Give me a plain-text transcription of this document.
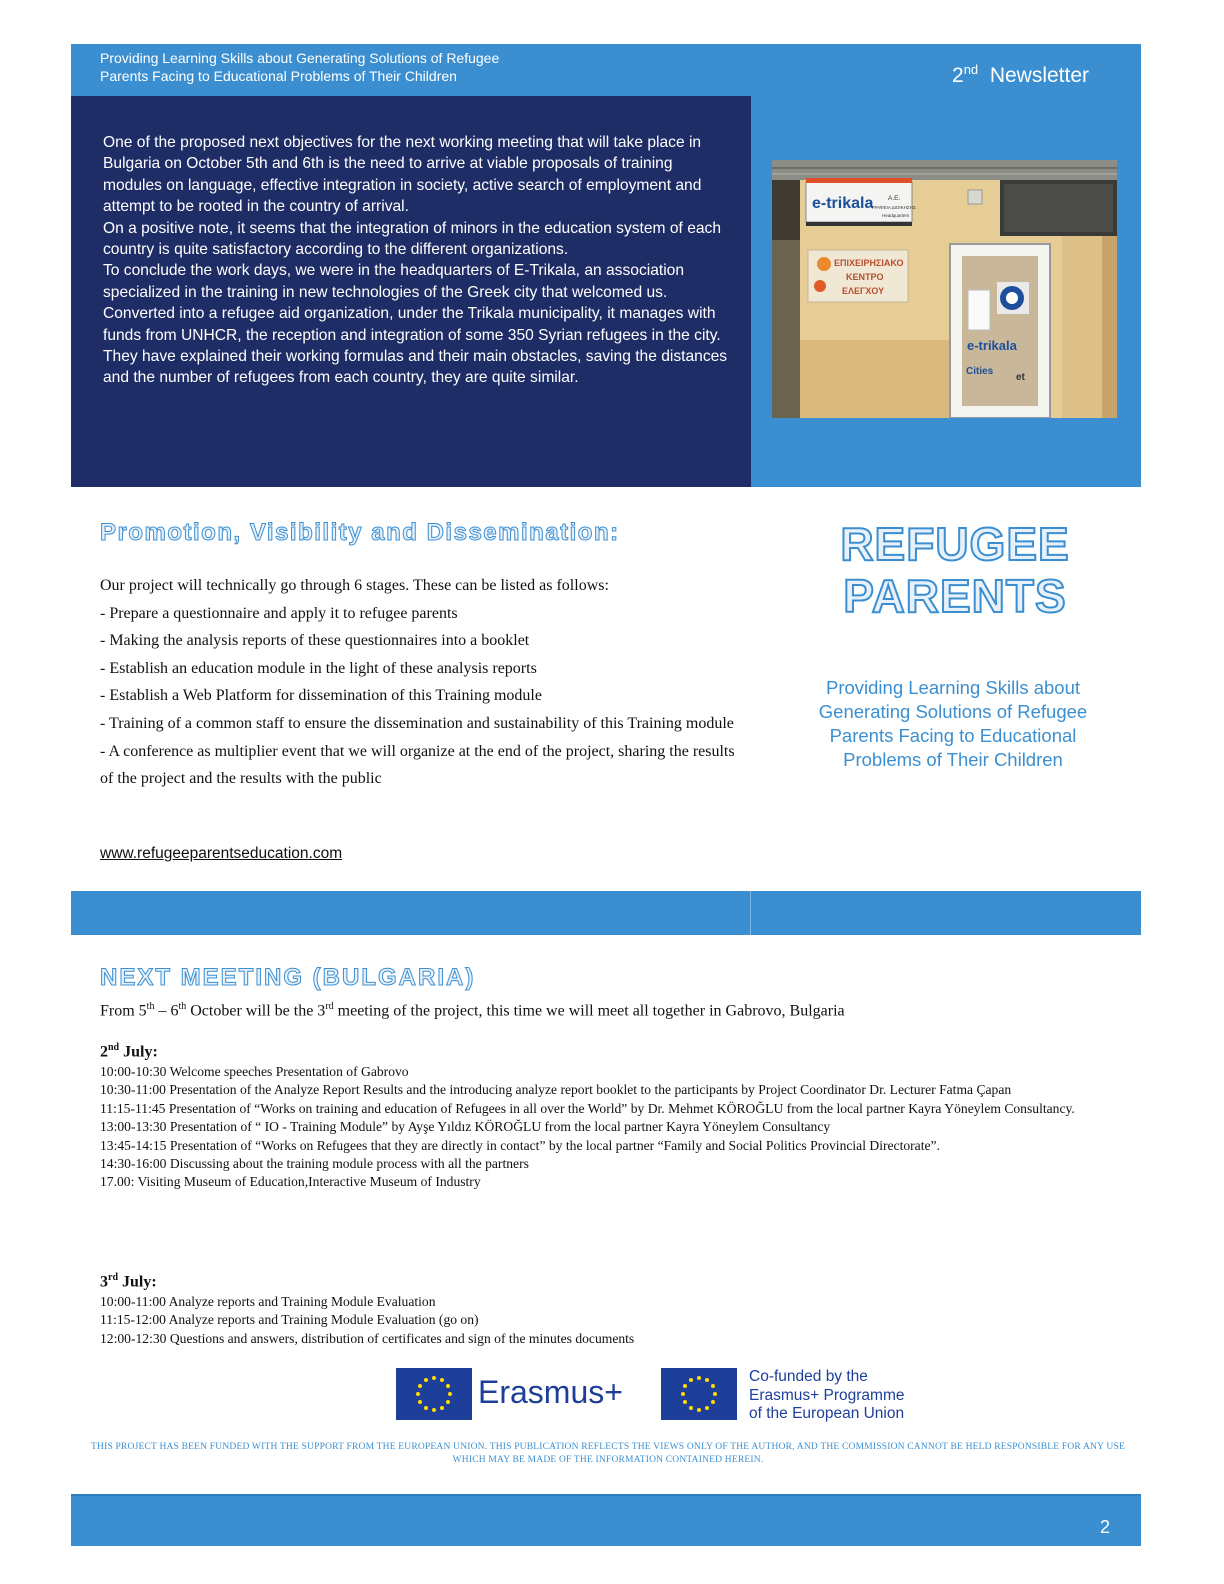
Providing Learning Skills about Generating Solutions of Refugee
Parents Facing to Educational Problems of Their Children	2nd Newsletter

One of the proposed next objectives for the next working meeting that will take place in Bulgaria on October 5th and 6th is the need to arrive at viable proposals of training modules on language, effective integration in society, active search of employment and attempt to be rooted in the country of arrival.

On a positive note, it seems that the integration of minors in the education system of each country is quite satisfactory according to the different organizations.

To conclude the work days, we were in the headquarters of E-Trikala, an association specialized in the training in new technologies of the Greek city that welcomed us. Converted into a refugee aid organization, under the Trikala municipality, it manages with funds from UNHCR, the reception and integration of some 350 Syrian refugees in the city. They have explained their working formulas and their main obstacles, saving the distances and the number of refugees from each country, they are quite similar.

e-trikala A.E.
ΓΡΑΦΕΙΑ ΔΙΟΙΚΗΣΗΣ
Headquarters
ΕΠΙΧΕΙΡΗΣΙΑΚΟ
ΚΕΝΤΡΟ
ΕΛΕΓΧΟΥ
e-trikala
Cities
et
Promotion, Visibility and Dissemination:

Our project will technically go through 6 stages. These can be listed as follows:

- Prepare a questionnaire and apply it to refugee parents

- Making the analysis reports of these questionnaires into a booklet

- Establish an education module in the light of these analysis reports

- Establish a Web Platform for dissemination of this Training module

- Training of a common staff to ensure the dissemination and sustainability of this Training module

- A conference as multiplier event that we will organize at the end of the project, sharing the results of the project and the results with the public

www.refugeeparentseducation.com
REFUGEE
PARENTS
Providing Learning Skills about Generating Solutions of Refugee Parents Facing to Educational Problems of Their Children
NEXT MEETING (BULGARIA)
From 5th – 6th October will be the 3rd meeting of the project, this time we will meet all together in Gabrovo, Bulgaria
2nd July:
10:00-10:30 Welcome speeches Presentation of Gabrovo
10:30-11:00 Presentation of the Analyze Report Results and the introducing analyze report booklet to the participants by Project Coordinator Dr. Lecturer Fatma Çapan
11:15-11:45 Presentation of “Works on training and education of Refugees in all over the World” by Dr. Mehmet KÖROĞLU from the local partner Kayra Yöneylem Consultancy.
13:00-13:30 Presentation of “ IO - Training Module” by Ayşe Yıldız KÖROĞLU from the local partner Kayra Yöneylem Consultancy
13:45-14:15 Presentation of “Works on Refugees that they are directly in contact” by the local partner “Family and Social Politics Provincial Directorate”.
14:30-16:00 Discussing about the training module process with all the partners
17.00: Visiting Museum of Education,Interactive Museum of Industry
3rd July:
10:00-11:00 Analyze reports and Training Module Evaluation
11:15-12:00 Analyze reports and Training Module Evaluation (go on)
12:00-12:30 Questions and answers, distribution of certificates and sign of the minutes documents
Erasmus+	Co-funded by the
Erasmus+ Programme
of the European Union
THIS PROJECT HAS BEEN FUNDED WITH THE SUPPORT FROM THE EUROPEAN UNION. THIS PUBLICATION REFLECTS THE VIEWS ONLY OF THE AUTHOR, AND THE COMMISSION CANNOT BE HELD RESPONSIBLE FOR ANY USE WHICH MAY BE MADE OF THE INFORMATION CONTAINED HEREIN.
2
